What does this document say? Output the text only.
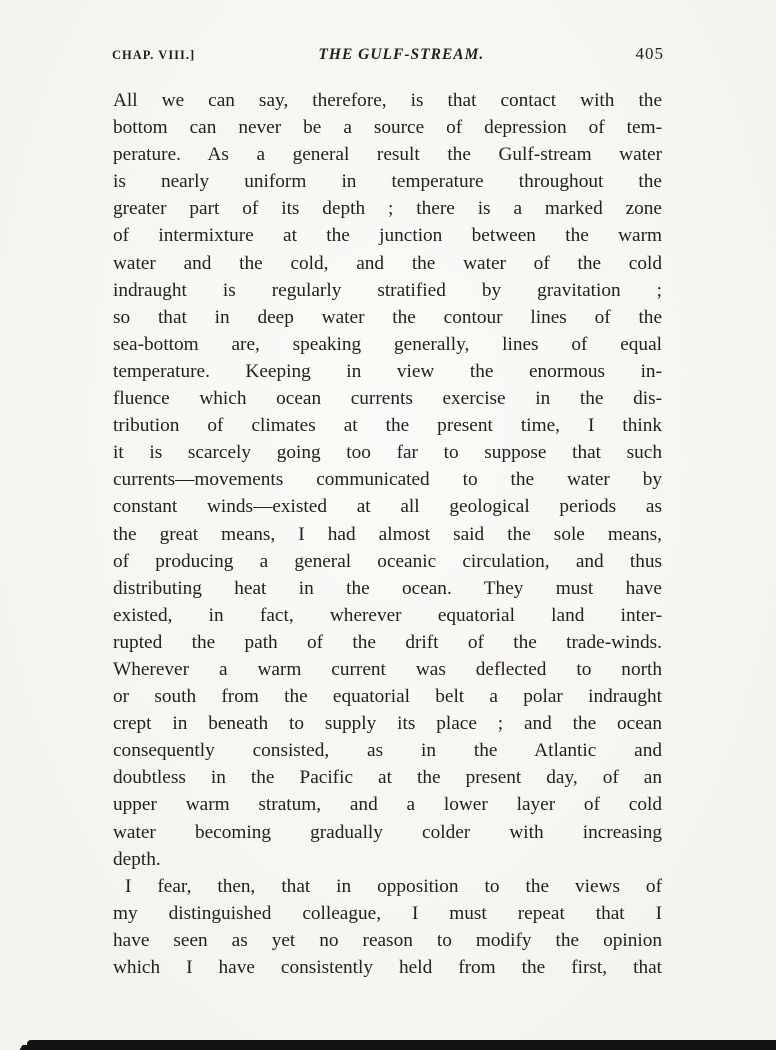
CHAP. VIII.]	THE GULF-STREAM.	405
All we can say, therefore, is that contact with the
bottom can never be a source of depression of tem-
perature. As a general result the Gulf-stream water
is nearly uniform in temperature throughout the
greater part of its depth ; there is a marked zone
of intermixture at the junction between the warm
water and the cold, and the water of the cold
indraught is regularly stratified by gravitation ;
so that in deep water the contour lines of the
sea-bottom are, speaking generally, lines of equal
temperature. Keeping in view the enormous in-
fluence which ocean currents exercise in the dis-
tribution of climates at the present time, I think
it is scarcely going too far to suppose that such
currents—movements communicated to the water by
constant winds—existed at all geological periods as
the great means, I had almost said the sole means,
of producing a general oceanic circulation, and thus
distributing heat in the ocean. They must have
existed, in fact, wherever equatorial land inter-
rupted the path of the drift of the trade-winds.
Wherever a warm current was deflected to north
or south from the equatorial belt a polar indraught
crept in beneath to supply its place ; and the ocean
consequently consisted, as in the Atlantic and
doubtless in the Pacific at the present day, of an
upper warm stratum, and a lower layer of cold
water becoming gradually colder with increasing
depth.
I fear, then, that in opposition to the views of
my distinguished colleague, I must repeat that I
have seen as yet no reason to modify the opinion
which I have consistently held from the first, that
